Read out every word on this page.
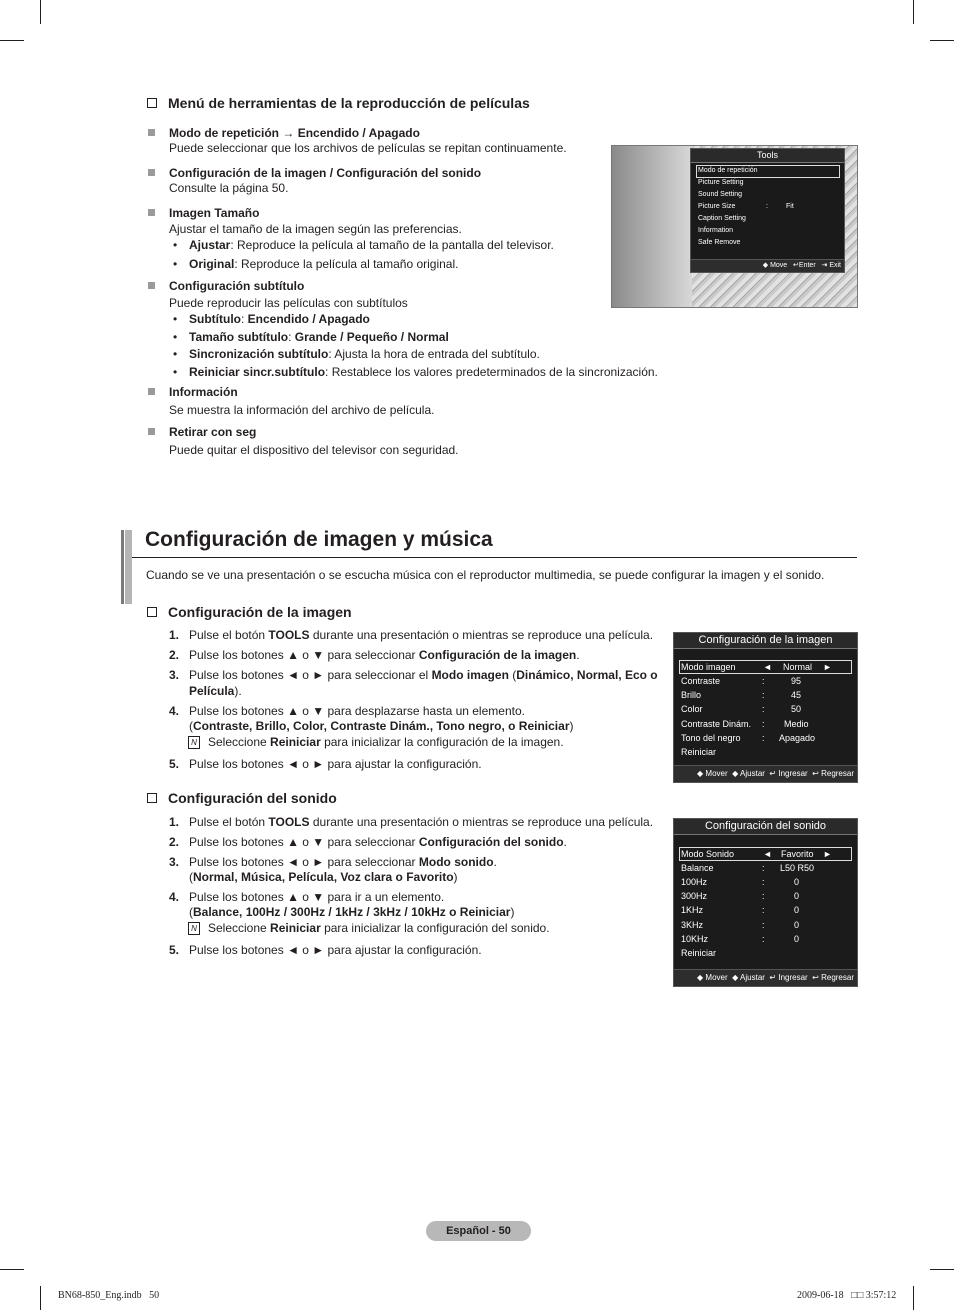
Menú de herramientas de la reproducción de películas
Modo de repetición → Encendido / Apagado
Puede seleccionar que los archivos de películas se repitan continuamente.
Configuración de la imagen / Configuración del sonido
Consulte la página 50.
Imagen Tamaño
Ajustar el tamaño de la imagen según las preferencias.
• Ajustar: Reproduce la película al tamaño de la pantalla del televisor.
• Original: Reproduce la película al tamaño original.
Configuración subtítulo
Puede reproducir las películas con subtítulos
• Subtítulo: Encendido / Apagado
• Tamaño subtítulo: Grande / Pequeño / Normal
• Sincronización subtítulo: Ajusta la hora de entrada del subtítulo.
• Reiniciar sincr.subtítulo: Restablece los valores predeterminados de la sincronización.
Información
Se muestra la información del archivo de película.
Retirar con seg
Puede quitar el dispositivo del televisor con seguridad.
Tools
Modo de repetición
Picture Setting
Sound Setting
Picture Size	:	Fit
Caption Setting
Information
Safe Remove
◆ Move ↵Enter ⇥ Exit
Configuración de imagen y música
Cuando se ve una presentación o se escucha música con el reproductor multimedia, se puede configurar la imagen y el sonido.
Configuración de la imagen
1. Pulse el botón TOOLS durante una presentación o mientras se reproduce una película.
2. Pulse los botones ▲ o ▼ para seleccionar Configuración de la imagen.
3. Pulse los botones ◄ o ► para seleccionar el Modo imagen (Dinámico, Normal, Eco o
Película).
4. Pulse los botones ▲ o ▼ para desplazarse hasta un elemento.
(Contraste, Brillo, Color, Contraste Dinám., Tono negro, o Reiniciar)
N Seleccione Reiniciar para inicializar la configuración de la imagen.
5. Pulse los botones ◄ o ► para ajustar la configuración.
Configuración de la imagen
Modo imagen	◄ Normal ►
Contraste	:	95
Brillo	:	45
Color	:	50
Contraste Dinám. : Medio
Tono del negro : Apagado
Reiniciar
◆ Mover ◆ Ajustar ↵ Ingresar ↩ Regresar
Configuración del sonido
1. Pulse el botón TOOLS durante una presentación o mientras se reproduce una película.
2. Pulse los botones ▲ o ▼ para seleccionar Configuración del sonido.
3. Pulse los botones ◄ o ► para seleccionar Modo sonido.
(Normal, Música, Película, Voz clara o Favorito)
4. Pulse los botones ▲ o ▼ para ir a un elemento.
(Balance, 100Hz / 300Hz / 1kHz / 3kHz / 10kHz o Reiniciar)
N Seleccione Reiniciar para inicializar la configuración del sonido.
5. Pulse los botones ◄ o ► para ajustar la configuración.
Configuración del sonido
Modo Sonido	◄ Favorito ►
Balance	: L50 R50
100Hz	:	0
300Hz	:	0
1KHz	:	0
3KHz	:	0
10KHz	:	0
Reiniciar
◆ Mover ◆ Ajustar ↵ Ingresar ↩ Regresar
Español - 50
BN68-850_Eng.indb   50	2009-06-18   □□ 3:57:12
